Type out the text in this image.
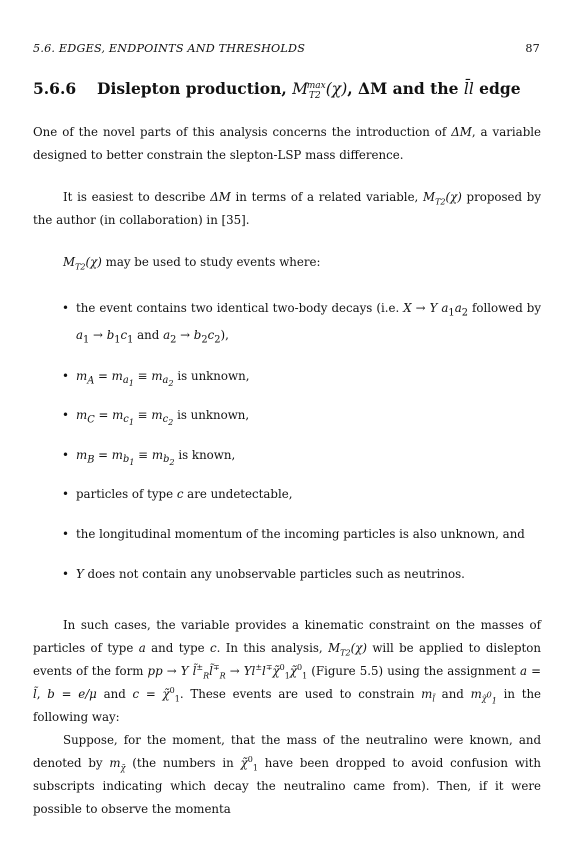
5.6. EDGES, ENDPOINTS AND THRESHOLDS	87
5.6.6 Dislepton production, $M_{T2}^{max}(\chi)$, ΔM and the l̄l edge
One of the novel parts of this analysis concerns the introduction of ΔM, a variable designed to better constrain the slepton-LSP mass difference.
It is easiest to describe ΔM in terms of a related variable, $M_{T2}(\chi)$ proposed by the author (in collaboration) in [35].
$M_{T2}(\chi)$ may be used to study events where:
• the event contains two identical two-body decays (i.e. X → Y $a_1a_2$ followed by $a_1 \to b_1c_1$ and $a_2 \to b_2c_2$),
• $m_A = m_{a_1} \equiv m_{a_2}$ is unknown,
• $m_C = m_{c_1} \equiv m_{c_2}$ is unknown,
• $m_B = m_{b_1} \equiv m_{b_2}$ is known,
• particles of type c are undetectable,
• the longitudinal momentum of the incoming particles is also unknown, and
• Y does not contain any unobservable particles such as neutrinos.
In such cases, the variable provides a kinematic constraint on the masses of particles of type a and type c. In this analysis, $M_{T2}(\chi)$ will be applied to dislepton events of the form pp → Y $l̃^\pm_Rl̃^\mp_R$ → Yl±l∓χ̃$^0_1$χ̃$^0_1$ (Figure 5.5) using the assignment a = l̃, b = e/μ and c = χ̃$^0_1$. These events are used to constrain $m_{l̃}$ and $m_{\chĩ^0_1}$ in the following way:
Suppose, for the moment, that the mass of the neutralino were known, and denoted by $m_{\chĩ}$ (the numbers in χ̃$^0_1$ have been dropped to avoid confusion with subscripts indicating which decay the neutralino came from). Then, if it were possible to observe the momenta
